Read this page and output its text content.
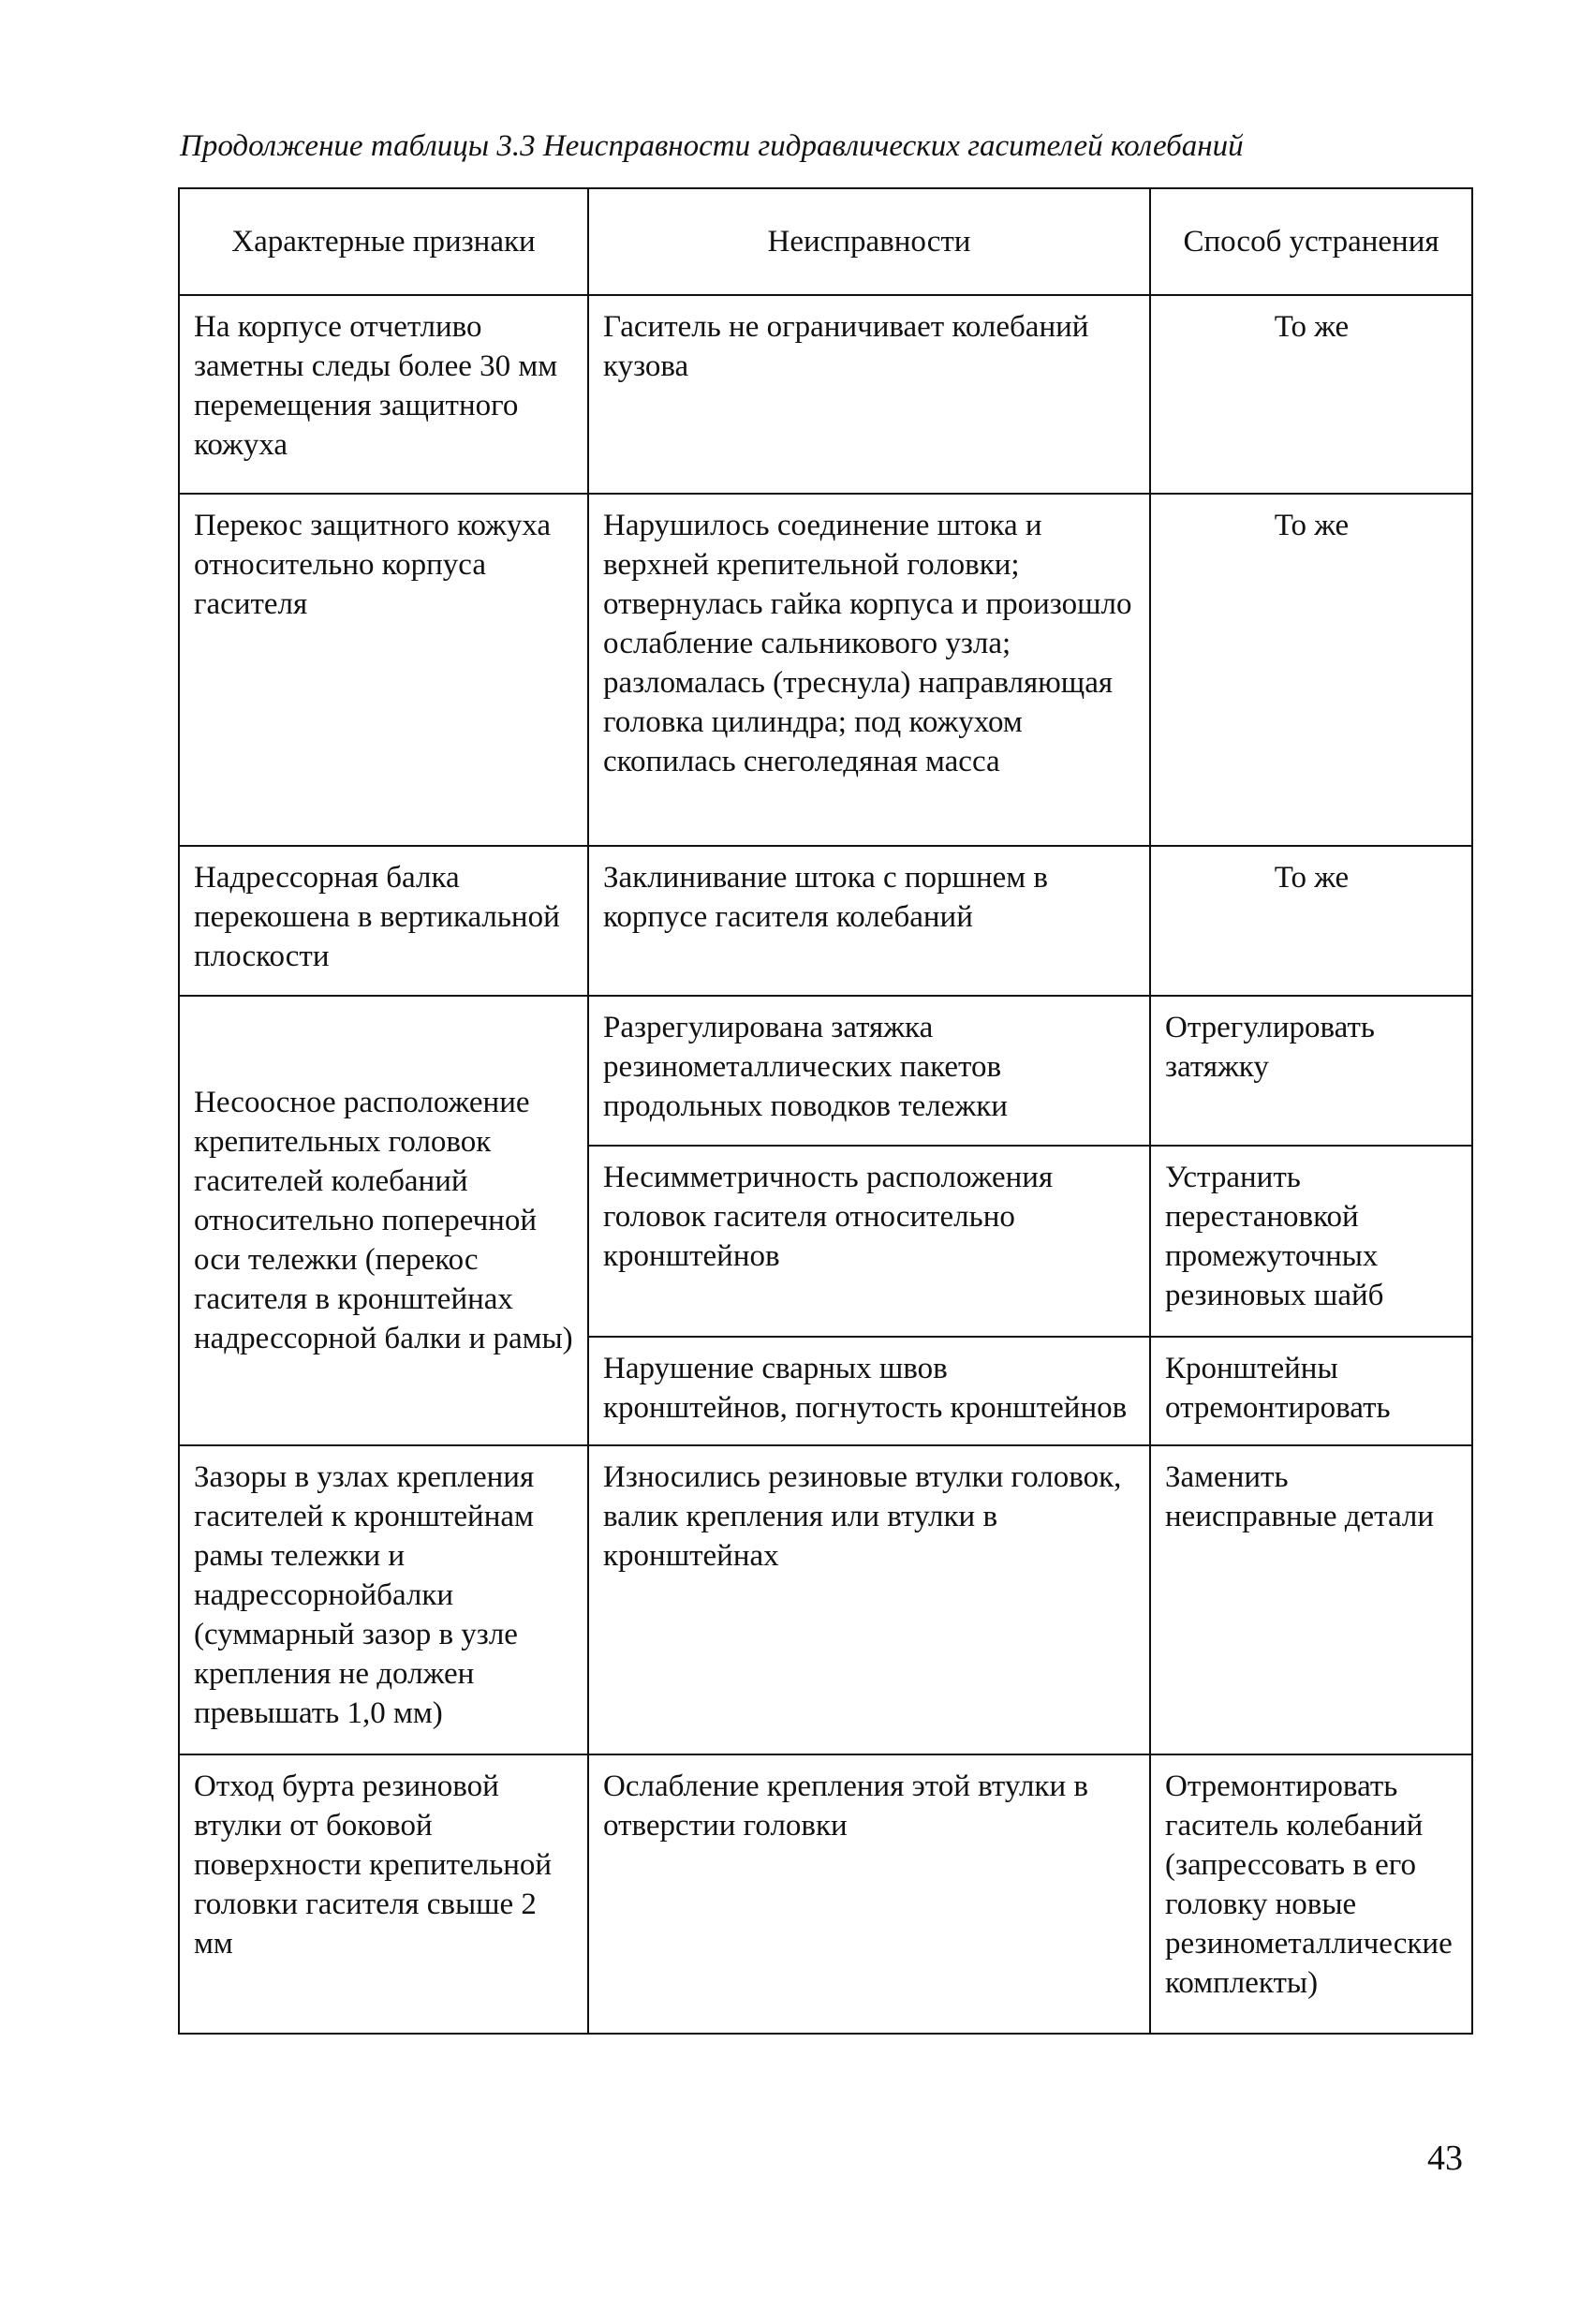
Продолжение таблицы 3.3 Неисправности гидравлических гасителей колебаний
Характерные признаки	Неисправности	Способ устранения
На корпусе отчетливо заметны следы более 30 мм перемещения защитного кожуха	Гаситель не ограничивает колебаний кузова	То же
Перекос защитного кожуха относительно корпуса гасителя	Нарушилось соединение штока и верхней крепительной головки; отвернулась гайка корпуса и произошло ослабление сальникового узла; разломалась (треснула) направляющая головка цилиндра; под кожухом скопилась снеголедяная масса	То же
Надрессорная балка перекошена в вертикальной плоскости	Заклинивание штока с поршнем в корпусе гасителя колебаний	То же
Несоосное расположение крепительных головок гасителей колебаний относительно поперечной оси тележки (перекос гасителя в кронштейнах надрессорной балки и рамы)	Разрегулирована затяжка резинометаллических пакетов продольных поводков тележки	Отрегулировать затяжку
	Несимметричность расположения головок гасителя относительно кронштейнов	Устранить перестановкой промежуточных резиновых шайб
	Нарушение сварных швов кронштейнов, погнутость кронштейнов	Кронштейны отремонтировать
Зазоры в узлах крепления гасителей к кронштейнам рамы тележки и надрессорнойбалки (суммарный зазор в узле крепления не должен превышать 1,0 мм)	Износились резиновые втулки головок, валик крепления или втулки в кронштейнах	Заменить неисправные детали
Отход бурта резиновой втулки от боковой поверхности крепительной головки гасителя свыше 2 мм	Ослабление крепления этой втулки в отверстии головки	Отремонтировать гаситель колебаний (запрессовать в его головку новые резинометаллические комплекты)
43
